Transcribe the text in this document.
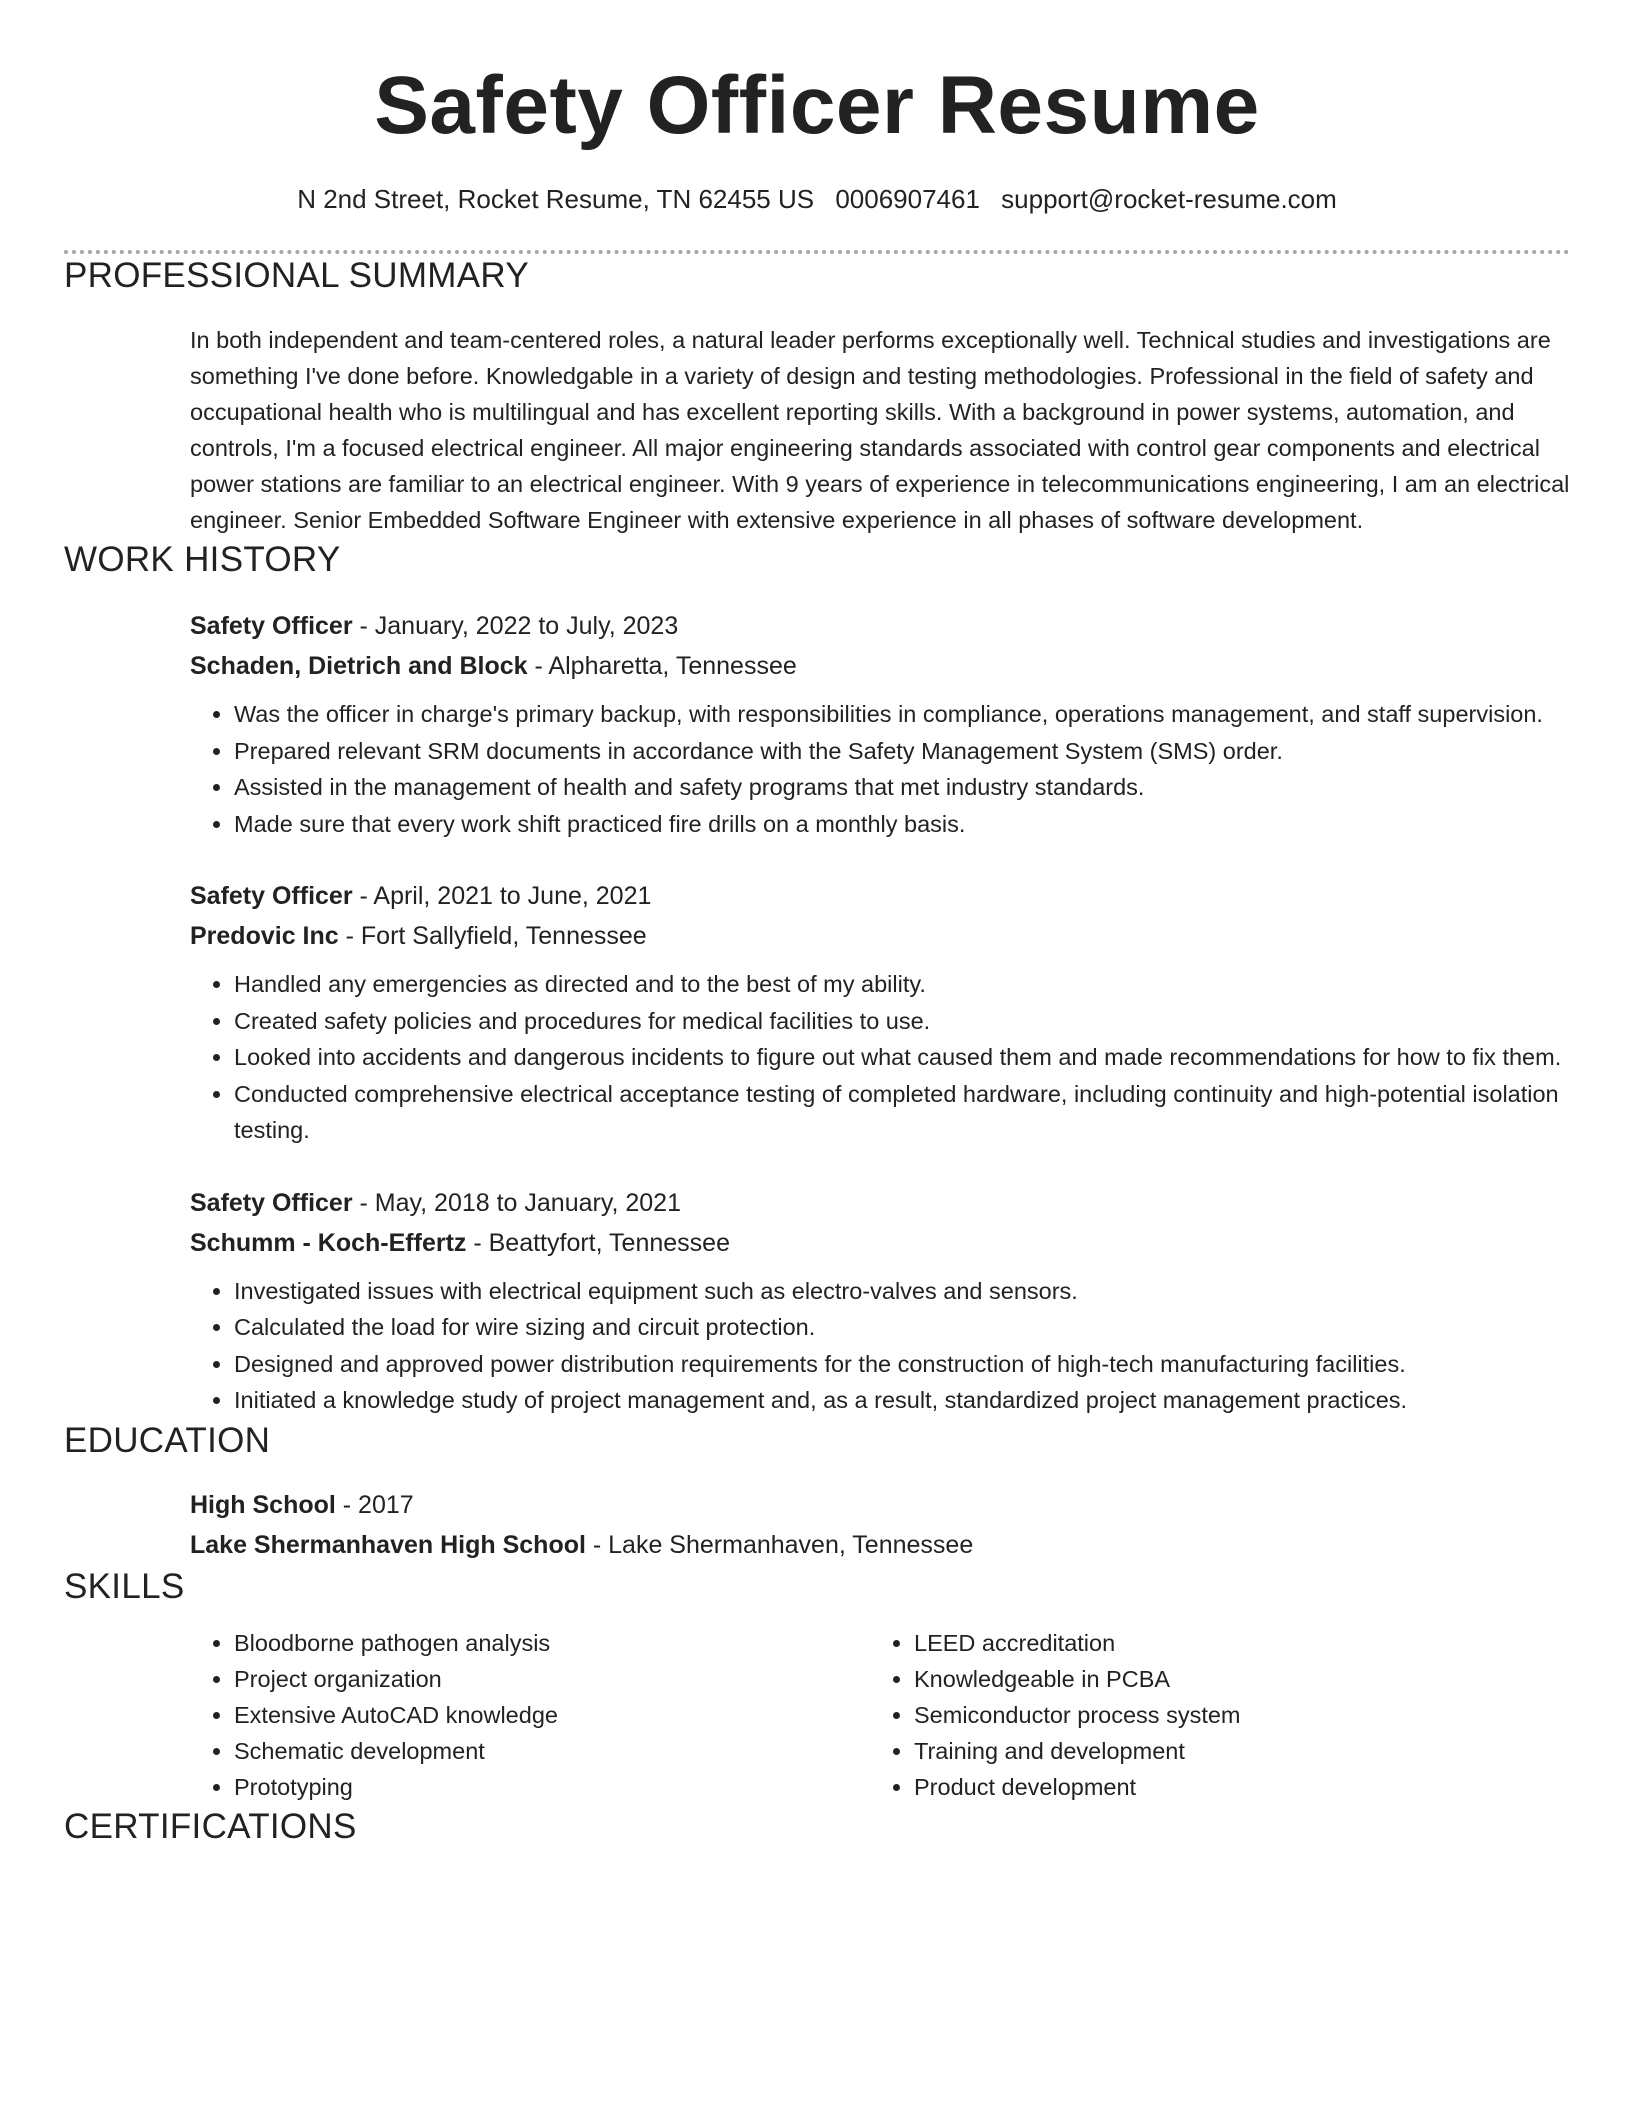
Safety Officer Resume
N 2nd Street, Rocket Resume, TN 62455 US 0006907461 support@rocket-resume.com
PROFESSIONAL SUMMARY
In both independent and team-centered roles, a natural leader performs exceptionally well. Technical studies and investigations are something I've done before. Knowledgable in a variety of design and testing methodologies. Professional in the field of safety and occupational health who is multilingual and has excellent reporting skills. With a background in power systems, automation, and controls, I'm a focused electrical engineer. All major engineering standards associated with control gear components and electrical power stations are familiar to an electrical engineer. With 9 years of experience in telecommunications engineering, I am an electrical engineer. Senior Embedded Software Engineer with extensive experience in all phases of software development.
WORK HISTORY
Safety Officer - January, 2022 to July, 2023
Schaden, Dietrich and Block - Alpharetta, Tennessee
• Was the officer in charge's primary backup, with responsibilities in compliance, operations management, and staff supervision.
• Prepared relevant SRM documents in accordance with the Safety Management System (SMS) order.
• Assisted in the management of health and safety programs that met industry standards.
• Made sure that every work shift practiced fire drills on a monthly basis.
Safety Officer - April, 2021 to June, 2021
Predovic Inc - Fort Sallyfield, Tennessee
• Handled any emergencies as directed and to the best of my ability.
• Created safety policies and procedures for medical facilities to use.
• Looked into accidents and dangerous incidents to figure out what caused them and made recommendations for how to fix them.
• Conducted comprehensive electrical acceptance testing of completed hardware, including continuity and high-potential isolation testing.
Safety Officer - May, 2018 to January, 2021
Schumm - Koch-Effertz - Beattyfort, Tennessee
• Investigated issues with electrical equipment such as electro-valves and sensors.
• Calculated the load for wire sizing and circuit protection.
• Designed and approved power distribution requirements for the construction of high-tech manufacturing facilities.
• Initiated a knowledge study of project management and, as a result, standardized project management practices.
EDUCATION
High School - 2017
Lake Shermanhaven High School - Lake Shermanhaven, Tennessee
SKILLS
• Bloodborne pathogen analysis
• Project organization
• Extensive AutoCAD knowledge
• Schematic development
• Prototyping
• LEED accreditation
• Knowledgeable in PCBA
• Semiconductor process system
• Training and development
• Product development
CERTIFICATIONS
